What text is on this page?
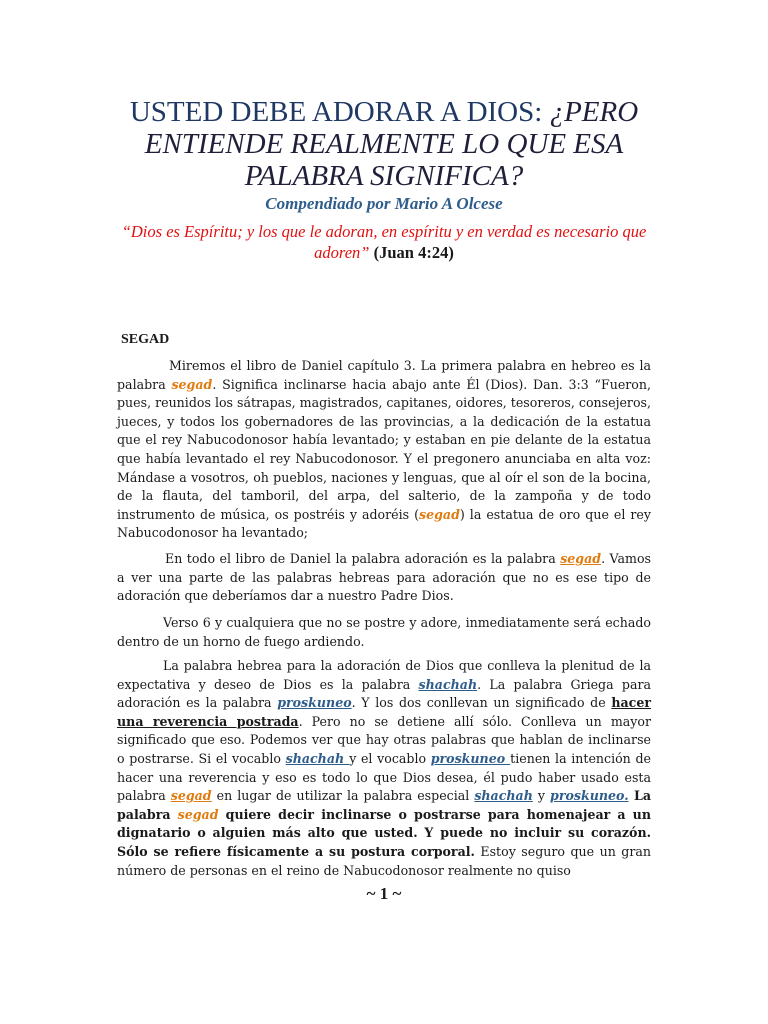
USTED DEBE ADORAR A DIOS: ¿PERO
ENTIENDE REALMENTE LO QUE ESA
PALABRA SIGNIFICA?
Compendiado por Mario A Olcese
“Dios es Espíritu; y los que le adoran, en espíritu y en verdad es necesario que adoren” (Juan 4:24)
SEGAD

Miremos el libro de Daniel capítulo 3. La primera palabra en hebreo es la palabra segad. Significa inclinarse hacia abajo ante Él (Dios). Dan. 3:3 “Fueron, pues, reunidos los sátrapas, magistrados, capitanes, oidores, tesoreros, consejeros, jueces, y todos los gobernadores de las provincias, a la dedicación de la estatua que el rey Nabucodonosor había levantado; y estaban en pie delante de la estatua que había levantado el rey Nabucodonosor. Y el pregonero anunciaba en alta voz: Mándase a vosotros, oh pueblos, naciones y lenguas, que al oír el son de la bocina, de la flauta, del tamboril, del arpa, del salterio, de la zampoña y de todo instrumento de música, os postréis y adoréis (segad) la estatua de oro que el rey Nabucodonosor ha levantado;

En todo el libro de Daniel la palabra adoración es la palabra segad. Vamos a ver una parte de las palabras hebreas para adoración que no es ese tipo de adoración que deberíamos dar a nuestro Padre Dios.

Verso 6 y cualquiera que no se postre y adore, inmediatamente será echado dentro de un horno de fuego ardiendo.

La palabra hebrea para la adoración de Dios que conlleva la plenitud de la expectativa y deseo de Dios es la palabra shachah. La palabra Griega para adoración es la palabra proskuneo. Y los dos conllevan un significado de hacer una reverencia postrada. Pero no se detiene allí sólo. Conlleva un mayor significado que eso. Podemos ver que hay otras palabras que hablan de inclinarse o postrarse. Si el vocablo shachah y el vocablo proskuneo tienen la intención de hacer una reverencia y eso es todo lo que Dios desea, él pudo haber usado esta palabra segad en lugar de utilizar la palabra especial shachah y proskuneo. La palabra segad quiere decir inclinarse o postrarse para homenajear a un dignatario o alguien más alto que usted. Y puede no incluir su corazón. Sólo se refiere físicamente a su postura corporal. Estoy seguro que un gran número de personas en el reino de Nabucodonosor realmente no quiso

~ 1 ~
